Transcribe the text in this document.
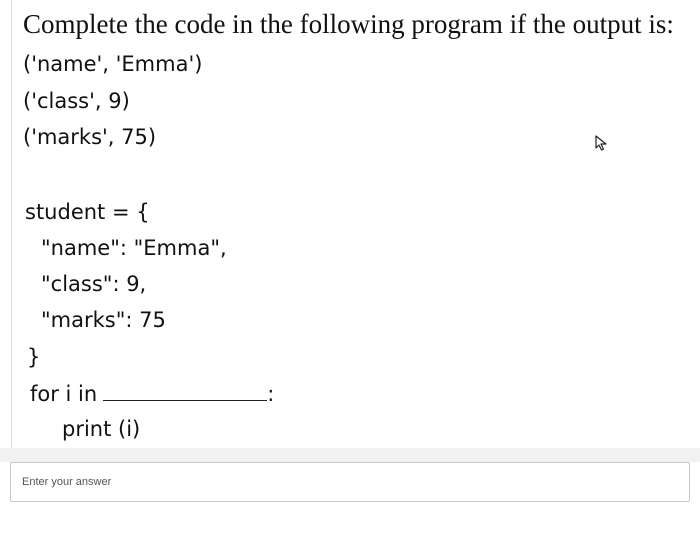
Complete the code in the following program if the output is:
('name', 'Emma')
('class', 9)
('marks', 75)
student = {
"name": "Emma",
"class": 9,
"marks": 75
}
for i in	:
print (i)
Enter your answer
